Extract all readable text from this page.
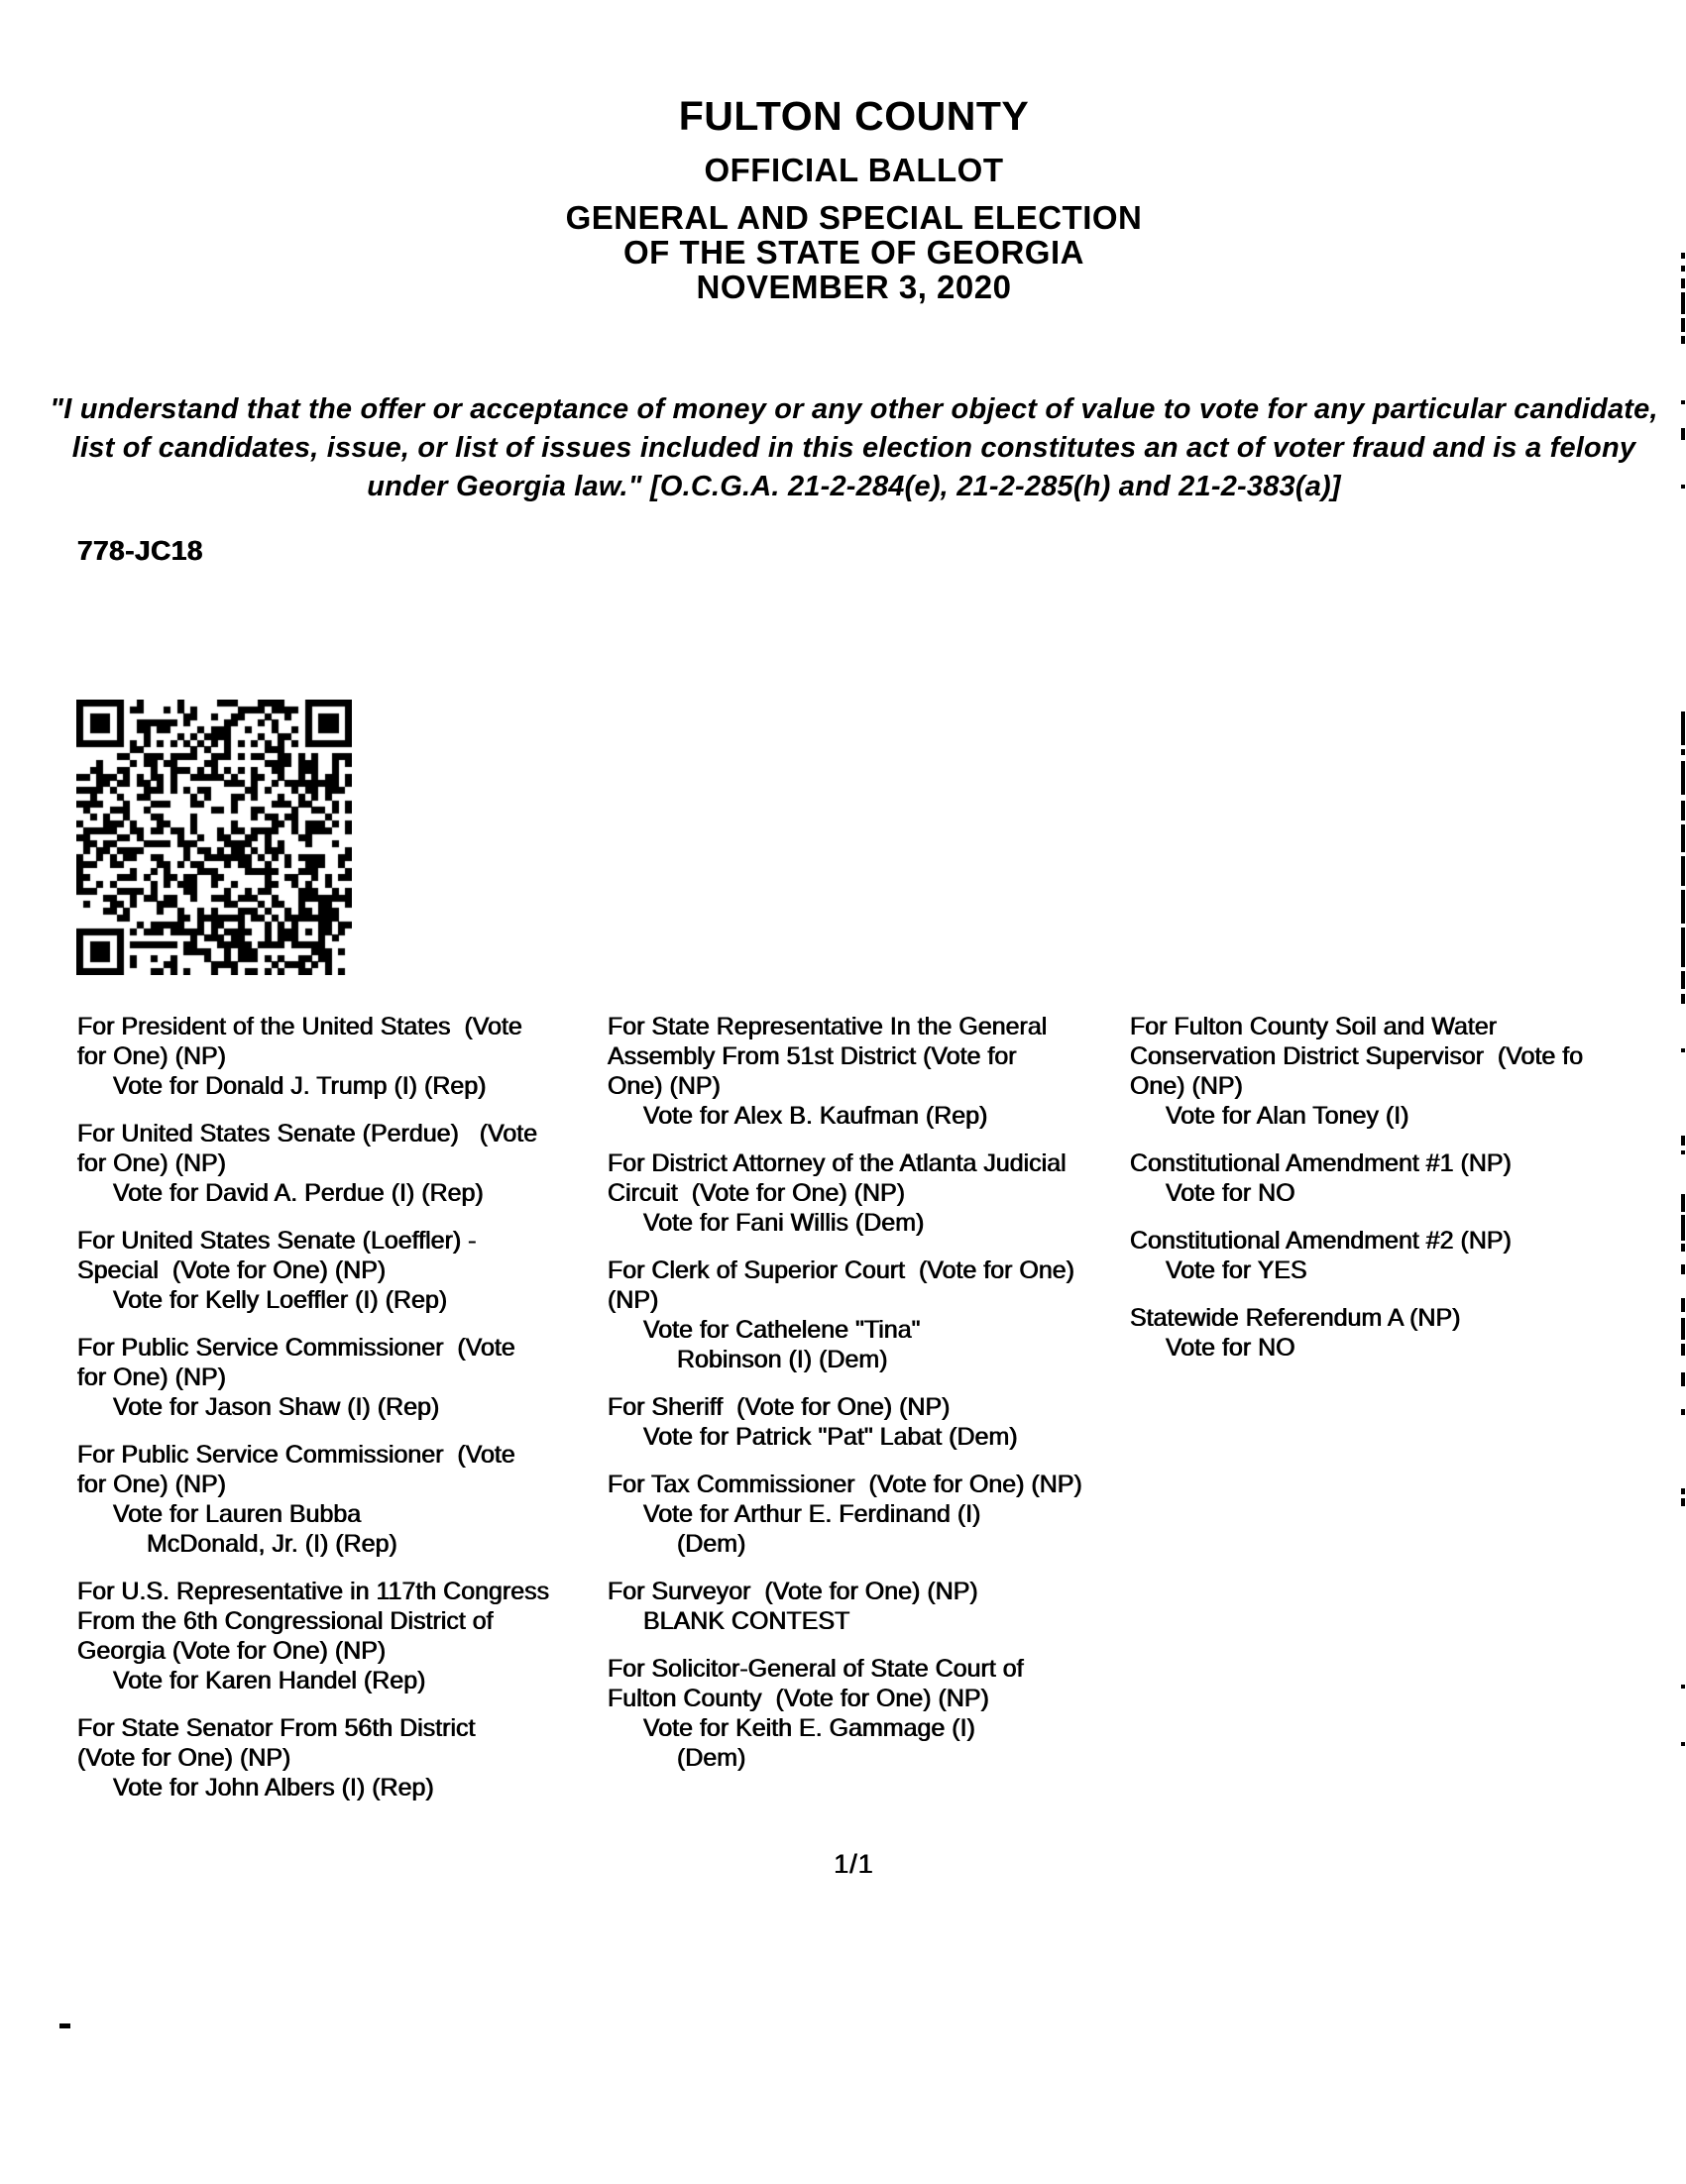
FULTON COUNTY
OFFICIAL BALLOT
GENERAL AND SPECIAL ELECTION
OF THE STATE OF GEORGIA
NOVEMBER 3, 2020
"I understand that the offer or acceptance of money or any other object of value to vote for any particular candidate,
list of candidates, issue, or list of issues included in this election constitutes an act of voter fraud and is a felony
under Georgia law." [O.C.G.A. 21-2-284(e), 21-2-285(h) and 21-2-383(a)]
778-JC18
For President of the United States  (Vote
for One) (NP)
Vote for Donald J. Trump (I) (Rep)
For United States Senate (Perdue)   (Vote
for One) (NP)
Vote for David A. Perdue (I) (Rep)
For United States Senate (Loeffler) -
Special  (Vote for One) (NP)
Vote for Kelly Loeffler (I) (Rep)
For Public Service Commissioner  (Vote
for One) (NP)
Vote for Jason Shaw (I) (Rep)
For Public Service Commissioner  (Vote
for One) (NP)
Vote for Lauren Bubba
McDonald, Jr. (I) (Rep)
For U.S. Representative in 117th Congress
From the 6th Congressional District of
Georgia (Vote for One) (NP)
Vote for Karen Handel (Rep)
For State Senator From 56th District
(Vote for One) (NP)
Vote for John Albers (I) (Rep)
For State Representative In the General
Assembly From 51st District (Vote for
One) (NP)
Vote for Alex B. Kaufman (Rep)
For District Attorney of the Atlanta Judicial
Circuit  (Vote for One) (NP)
Vote for Fani Willis (Dem)
For Clerk of Superior Court  (Vote for One)
(NP)
Vote for Cathelene "Tina"
Robinson (I) (Dem)
For Sheriff  (Vote for One) (NP)
Vote for Patrick "Pat" Labat (Dem)
For Tax Commissioner  (Vote for One) (NP)
Vote for Arthur E. Ferdinand (I)
(Dem)
For Surveyor  (Vote for One) (NP)
BLANK CONTEST
For Solicitor-General of State Court of
Fulton County  (Vote for One) (NP)
Vote for Keith E. Gammage (I)
(Dem)
For Fulton County Soil and Water
Conservation District Supervisor  (Vote fo
One) (NP)
Vote for Alan Toney (I)
Constitutional Amendment #1 (NP)
Vote for NO
Constitutional Amendment #2 (NP)
Vote for YES
Statewide Referendum A (NP)
Vote for NO
1/1
